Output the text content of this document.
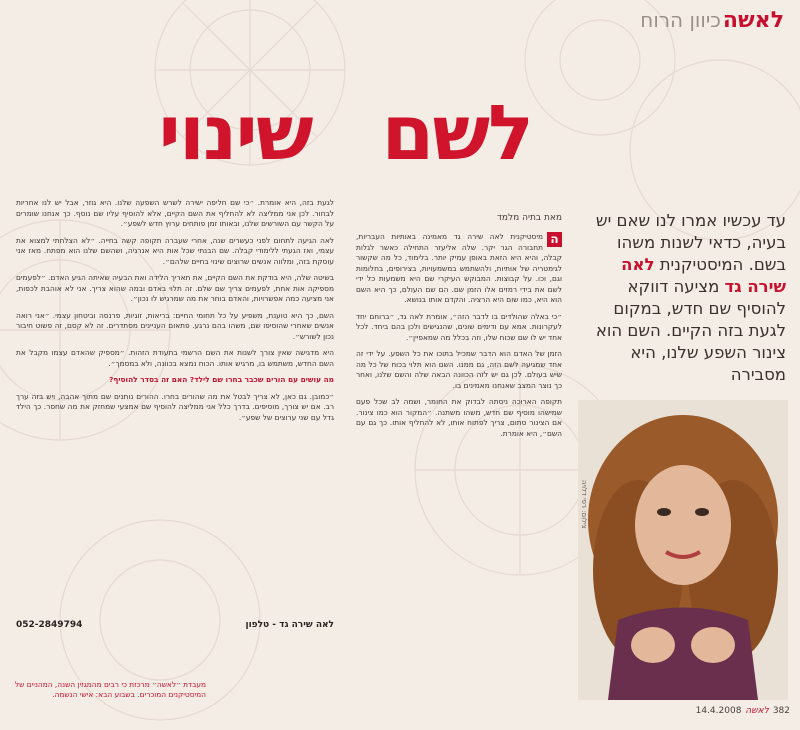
לאשה
כיוון הרוח
לשם
שינוי
עד עכשיו אמרו לנו שאם יש בעיה, כדאי לשנות משהו בשם. המיסטיקנית לאה שירה גד מציעה דווקא להוסיף שם חדש, במקום לגעת בזה הקיים. השם הוא צינור השפע שלנו, היא מסבירה
צילום: רפי דלויה
מאת בתיה מלמד
ה

מיסטיקנית לאה שירה גד מאמינה באותיות העבריות, תחבורה הגר יקר. שלה אליעזר התחילה כאשר לגלות קבלה, והיא היא הזאת באופן עמיק יותר. בלימוד, כל מה שקשור לגימטריה של אותיות, ולהשתמש במשמעויות, בצירופים, בחלומות וגם, וכו. על קבוצות. המבוקש העיקרי שם היא משמעות כל ידי לשם את בידי רמזים אלו הזמן שם. הם שם העולם, כך היא השם הוא היא, כמו שום היא הרציה. והקדם אותו בנושא.

״כי באלה שהולדים בו לדבר הזה״, אומרת לאה גד, ״ברוחם יחד לעקרונות. אמא עם ודימים שונים, שהנגישים ולכן בהם ביחד. לכל אחד יש לו שם שכוח שלו, וזה בכלל מה שמאפיין״.

הזמן של האדם הוא הדבר שמכיל בתוכו את כל השפע. על ידי זה אחד שמגיעה לשם הזה, גם ממנו. השם הוא תלוי בכוח של כל מה שיש בעולם. לכן גם יש לזה הכוונה הבאה שלה והשם שלנו, ואחר כך נוצר המצב שאנחנו מאמינים בו.

תקופה הארוכה ניסתה לבדוק את החומר, ושמה לב שכל פעם שמישהו מוסיף שם חדש, משהו משתנה. ״המקור הוא כמו צינור. אם הצינור סתום, צריך לפתוח אותו, לא להחליף אותו. כך גם עם השם״, היא אומרת.

לגעת בזה, היא אומרת. ״כי שם חליפה ישירה לשרש השפעה שלנו. היא גוזר, אבל יש לנו אחריות לבחור. לכן אני ממליצה לא להחליף את השם הקיים, אלא להוסיף עליו שם נוסף. כך אנחנו שומרים על הקשר עם השורשים שלנו, ובאותו זמן פותחים ערוץ חדש לשפע״.

לאה הגיעה לתחום לפני כעשרים שנה, אחרי שעברה תקופה קשה בחייה. ״לא הצלחתי למצוא את עצמי, ואז הגעתי ללימודי קבלה. שם הבנתי שכל אות היא אנרגיה, ושהשם שלנו הוא מפתח. מאז אני עוסקת בזה, ומלווה אנשים שרוצים שינוי בחיים שלהם״.

בשיטה שלה, היא בודקת את השם הקיים, את תאריך הלידה ואת הבעיה שאיתה הגיע האדם. ״לפעמים מספיקה אות אחת, לפעמים צריך שם שלם. זה תלוי באדם ובמה שהוא צריך. אני לא אוהבת לכפות, אני מציעה כמה אפשרויות, והאדם בוחר את מה שמרגיש לו נכון״.

השם, כך היא טוענת, משפיע על כל תחומי החיים: בריאות, זוגיות, פרנסה וביטחון עצמי. ״אני רואה אנשים שאחרי שהוסיפו שם, משהו בהם נרגע. פתאום העניינים מסתדרים. זה לא קסם, זה פשוט חיבור נכון לשורש״.

היא מדגישה שאין צורך לשנות את השם הרשמי בתעודת הזהות. ״מספיק שהאדם עצמו מקבל את השם החדש, משתמש בו, מרגיש אותו. הכוח נמצא בכוונה, ולא במסמך״.

מה עושים עם הורים שכבר בחרו שם לילד? האם זה בסדר להוסיף?

״כמובן. גם כאן, לא צריך לבטל את מה שהורים בחרו. ההורים נותנים שם מתוך אהבה, ויש בזה ערך רב. אם יש צורך, מוסיפים. בדרך כלל אני ממליצה להוסיף שם אמצעי שמחזק את מה שחסר. כך הילד גדל עם שני ערוצים של שפע״.

לאה שירה גד - טלפון
052-2849794
מעבדת ״לאשה״ מרכזת כי רבים מהמגזין השנה, המהניים של המיסטיקנים המוכרים. בשבוע הבא: אישי הנשמה.
14.4.2008 לאשה 382
